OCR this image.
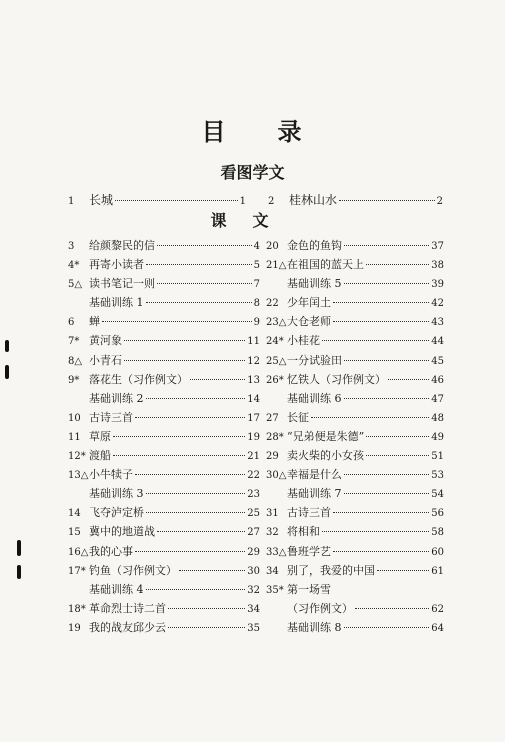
目 录
看图学文
1	长城	1 2	桂林山水	2
课文
3	给颜黎民的信	4
4* 再寄小读者	5
5△ 读书笔记一则	7
基础训练 1	8
6	蝉	9
7* 黄河象	11
8△ 小青石	12
9* 落花生（习作例文）	13
基础训练 2	14
10 古诗三首	17
11 草原	19
12* 渡船	21
13△ 小牛犊子	22
基础训练 3	23
14 飞夺泸定桥	25
15 冀中的地道战	27
16△ 我的心事	29
17* 钓鱼（习作例文）	30
基础训练 4	32
18* 革命烈士诗二首	34
19 我的战友邱少云	35
20 金色的鱼钩	37
21△ 在祖国的蓝天上	38
基础训练 5	39
22 少年闰土	42
23△ 大仓老师	43
24* 小桂花	44
25△ 一分试验田	45
26* 忆铁人（习作例文）	46
基础训练 6	47
27 长征	48
28* “兄弟便是朱德”	49
29 卖火柴的小女孩	51
30△ 幸福是什么	53
基础训练 7	54
31 古诗三首	56
32 将相和	58
33△ 鲁班学艺	60
34 别了，我爱的中国	61
35* 第一场雪
（习作例文）	62
基础训练 8	64
